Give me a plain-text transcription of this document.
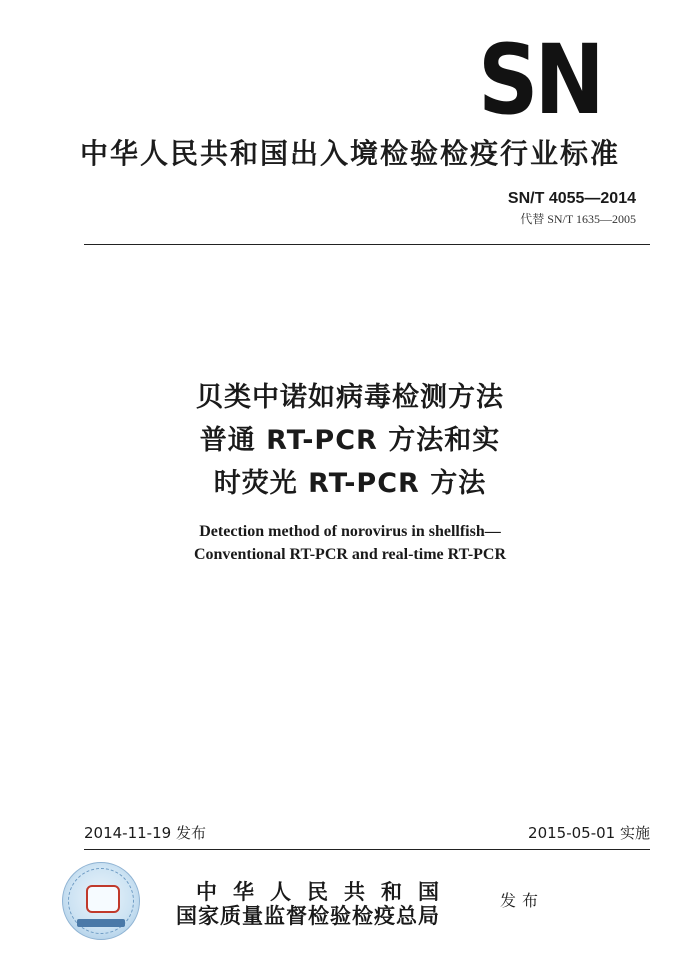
SN
中华人民共和国出入境检验检疫行业标准
SN/T 4055—2014
代替 SN/T 1635—2005
贝类中诺如病毒检测方法
普通 RT-PCR 方法和实
时荧光 RT-PCR 方法
Detection method of norovirus in shellfish—
Conventional RT-PCR and real-time RT-PCR
2014-11-19 发布	2015-05-01 实施
中华人民共和国
国家质量监督检验检疫总局
发布
